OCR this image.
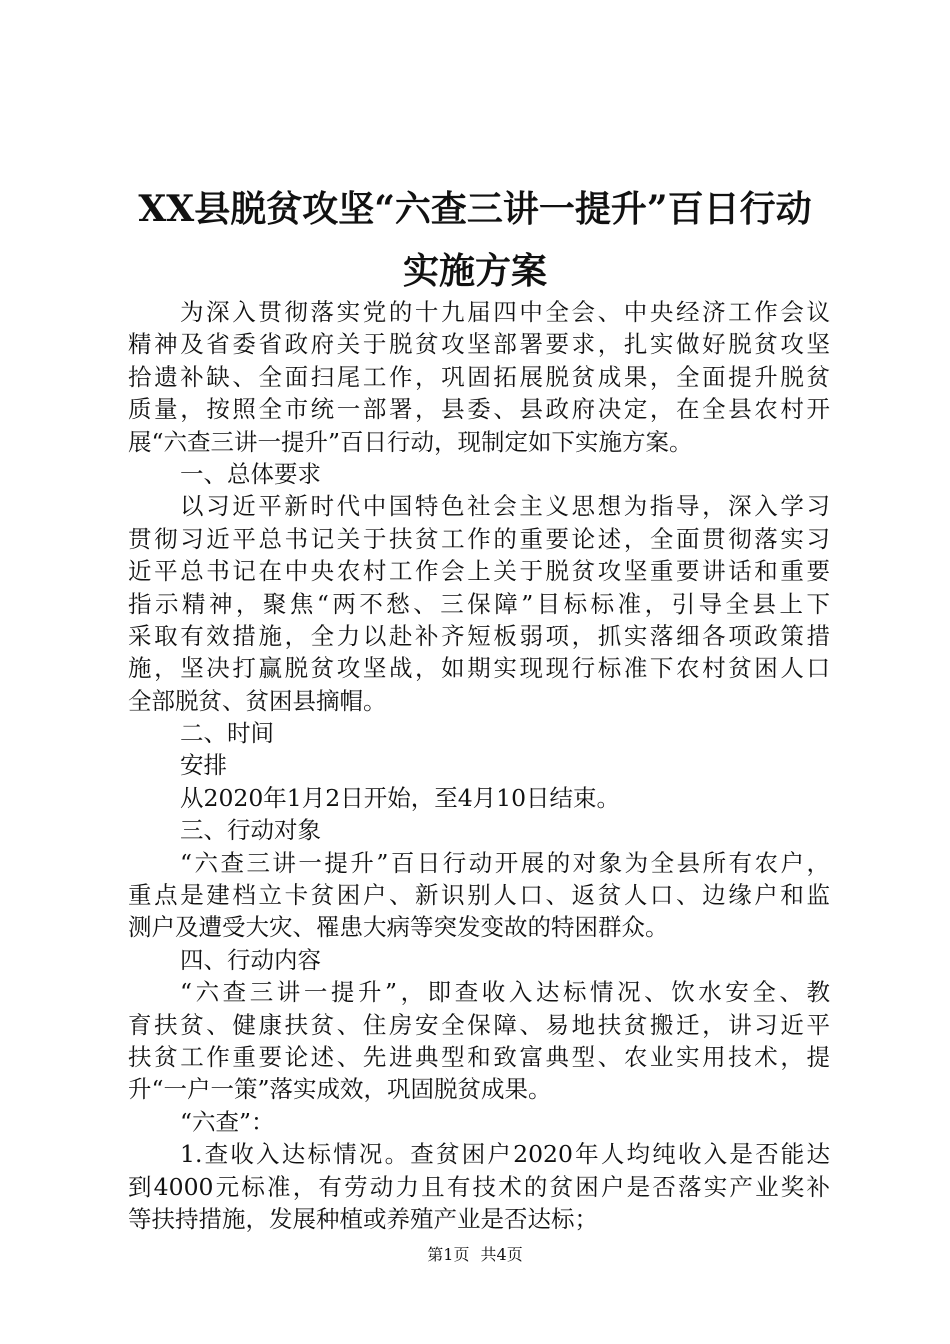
XX县脱贫攻坚“六查三讲一提升”百日行动
实施方案
为深入贯彻落实党的十九届四中全会、中央经济工作会议
精神及省委省政府关于脱贫攻坚部署要求，扎实做好脱贫攻坚
拾遗补缺、全面扫尾工作，巩固拓展脱贫成果，全面提升脱贫
质量，按照全市统一部署，县委、县政府决定，在全县农村开
展“六查三讲一提升”百日行动，现制定如下实施方案。
一、总体要求
以习近平新时代中国特色社会主义思想为指导，深入学习
贯彻习近平总书记关于扶贫工作的重要论述，全面贯彻落实习
近平总书记在中央农村工作会上关于脱贫攻坚重要讲话和重要
指示精神，聚焦“两不愁、三保障”目标标准，引导全县上下
采取有效措施，全力以赴补齐短板弱项，抓实落细各项政策措
施，坚决打赢脱贫攻坚战，如期实现现行标准下农村贫困人口
全部脱贫、贫困县摘帽。
二、时间
安排
从2020年1月2日开始，至4月10日结束。
三、行动对象
“六查三讲一提升”百日行动开展的对象为全县所有农户，
重点是建档立卡贫困户、新识别人口、返贫人口、边缘户和监
测户及遭受大灾、罹患大病等突发变故的特困群众。
四、行动内容
“六查三讲一提升”，即查收入达标情况、饮水安全、教
育扶贫、健康扶贫、住房安全保障、易地扶贫搬迁，讲习近平
扶贫工作重要论述、先进典型和致富典型、农业实用技术，提
升“一户一策”落实成效，巩固脱贫成果。
“六查”：
1.查收入达标情况。查贫困户2020年人均纯收入是否能达
到4000元标准，有劳动力且有技术的贫困户是否落实产业奖补
等扶持措施，发展种植或养殖产业是否达标；
第1页 共4页
